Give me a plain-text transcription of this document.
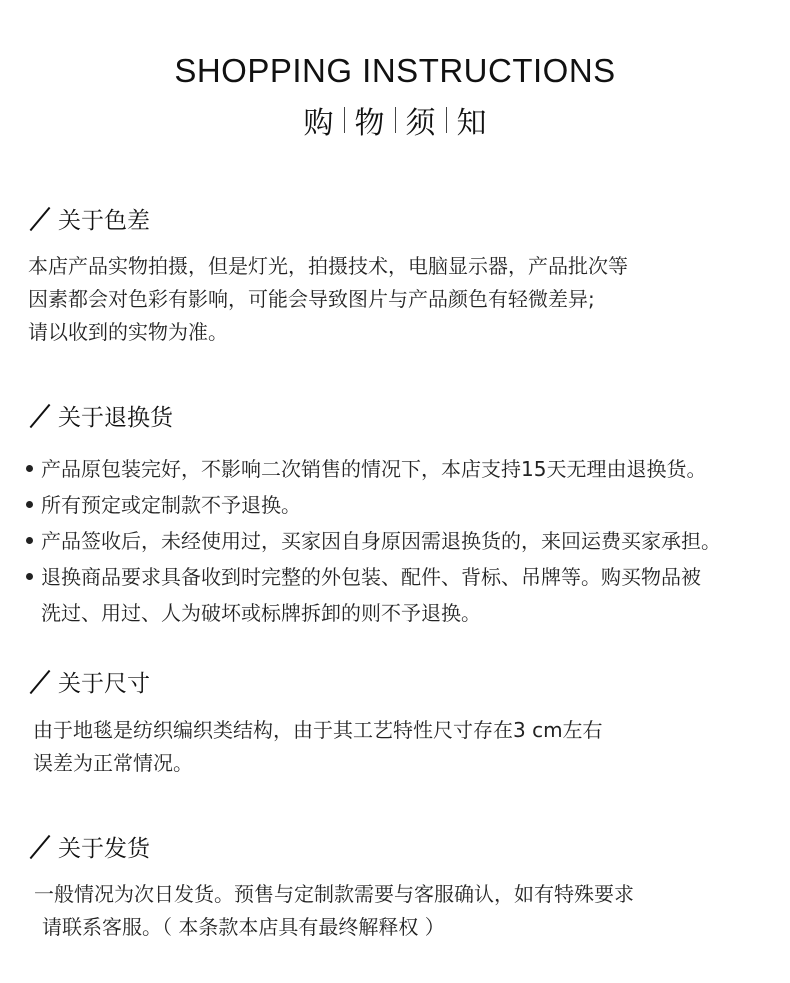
SHOPPING INSTRUCTIONS
购 物 须 知
关于色差
本店产品实物拍摄，但是灯光，拍摄技术，电脑显示器，产品批次等
因素都会对色彩有影响，可能会导致图片与产品颜色有轻微差异;
请以收到的实物为准。
关于退换货
产品原包装完好，不影响二次销售的情况下，本店支持15天无理由退换货。
所有预定或定制款不予退换。
产品签收后，未经使用过，买家因自身原因需退换货的，来回运费买家承担。
退换商品要求具备收到时完整的外包装、配件、背标、吊牌等。购买物品被
洗过、用过、人为破坏或标牌拆卸的则不予退换。
关于尺寸
由于地毯是纺织编织类结构，由于其工艺特性尺寸存在3 cm左右
误差为正常情况。
关于发货
一般情况为次日发货。预售与定制款需要与客服确认，如有特殊要求
请联系客服。（ 本条款本店具有最终解释权 ）
